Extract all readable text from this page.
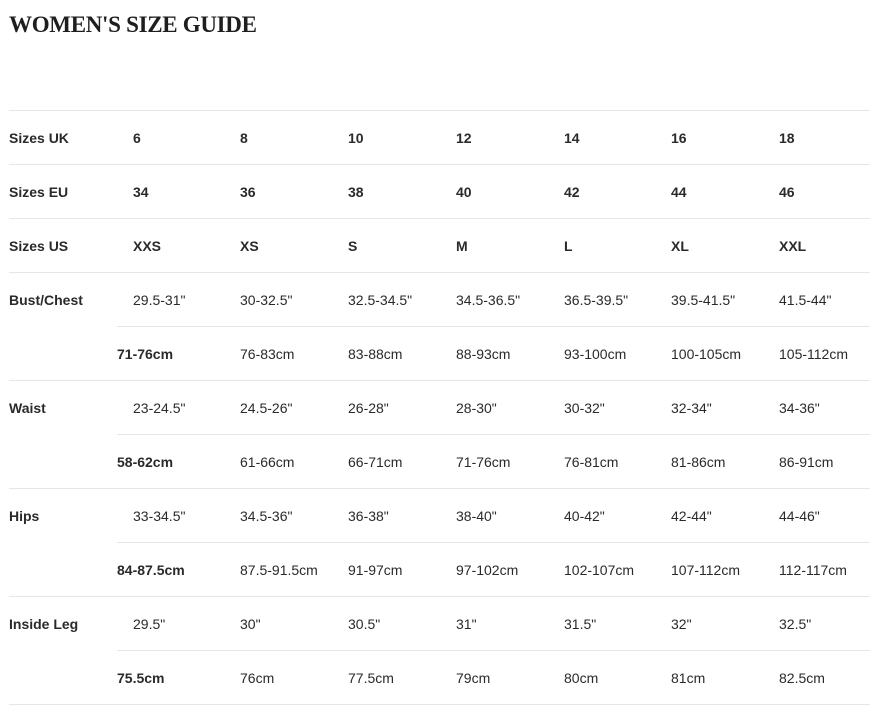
WOMEN'S SIZE GUIDE
Sizes UK	6	8	10	12	14	16	18
Sizes EU	34	36	38	40	42	44	46
Sizes US	XXS	XS	S	M	L	XL	XXL
Bust/Chest	29.5-31"	30-32.5"	32.5-34.5"	34.5-36.5"	36.5-39.5"	39.5-41.5"	41.5-44"
	71-76cm	76-83cm	83-88cm	88-93cm	93-100cm	100-105cm	105-112cm
Waist	23-24.5"	24.5-26"	26-28"	28-30"	30-32"	32-34"	34-36"
	58-62cm	61-66cm	66-71cm	71-76cm	76-81cm	81-86cm	86-91cm
Hips	33-34.5"	34.5-36"	36-38"	38-40"	40-42"	42-44"	44-46"
	84-87.5cm	87.5-91.5cm	91-97cm	97-102cm	102-107cm	107-112cm	112-117cm
Inside Leg	29.5"	30"	30.5"	31"	31.5"	32"	32.5"
	75.5cm	76cm	77.5cm	79cm	80cm	81cm	82.5cm
